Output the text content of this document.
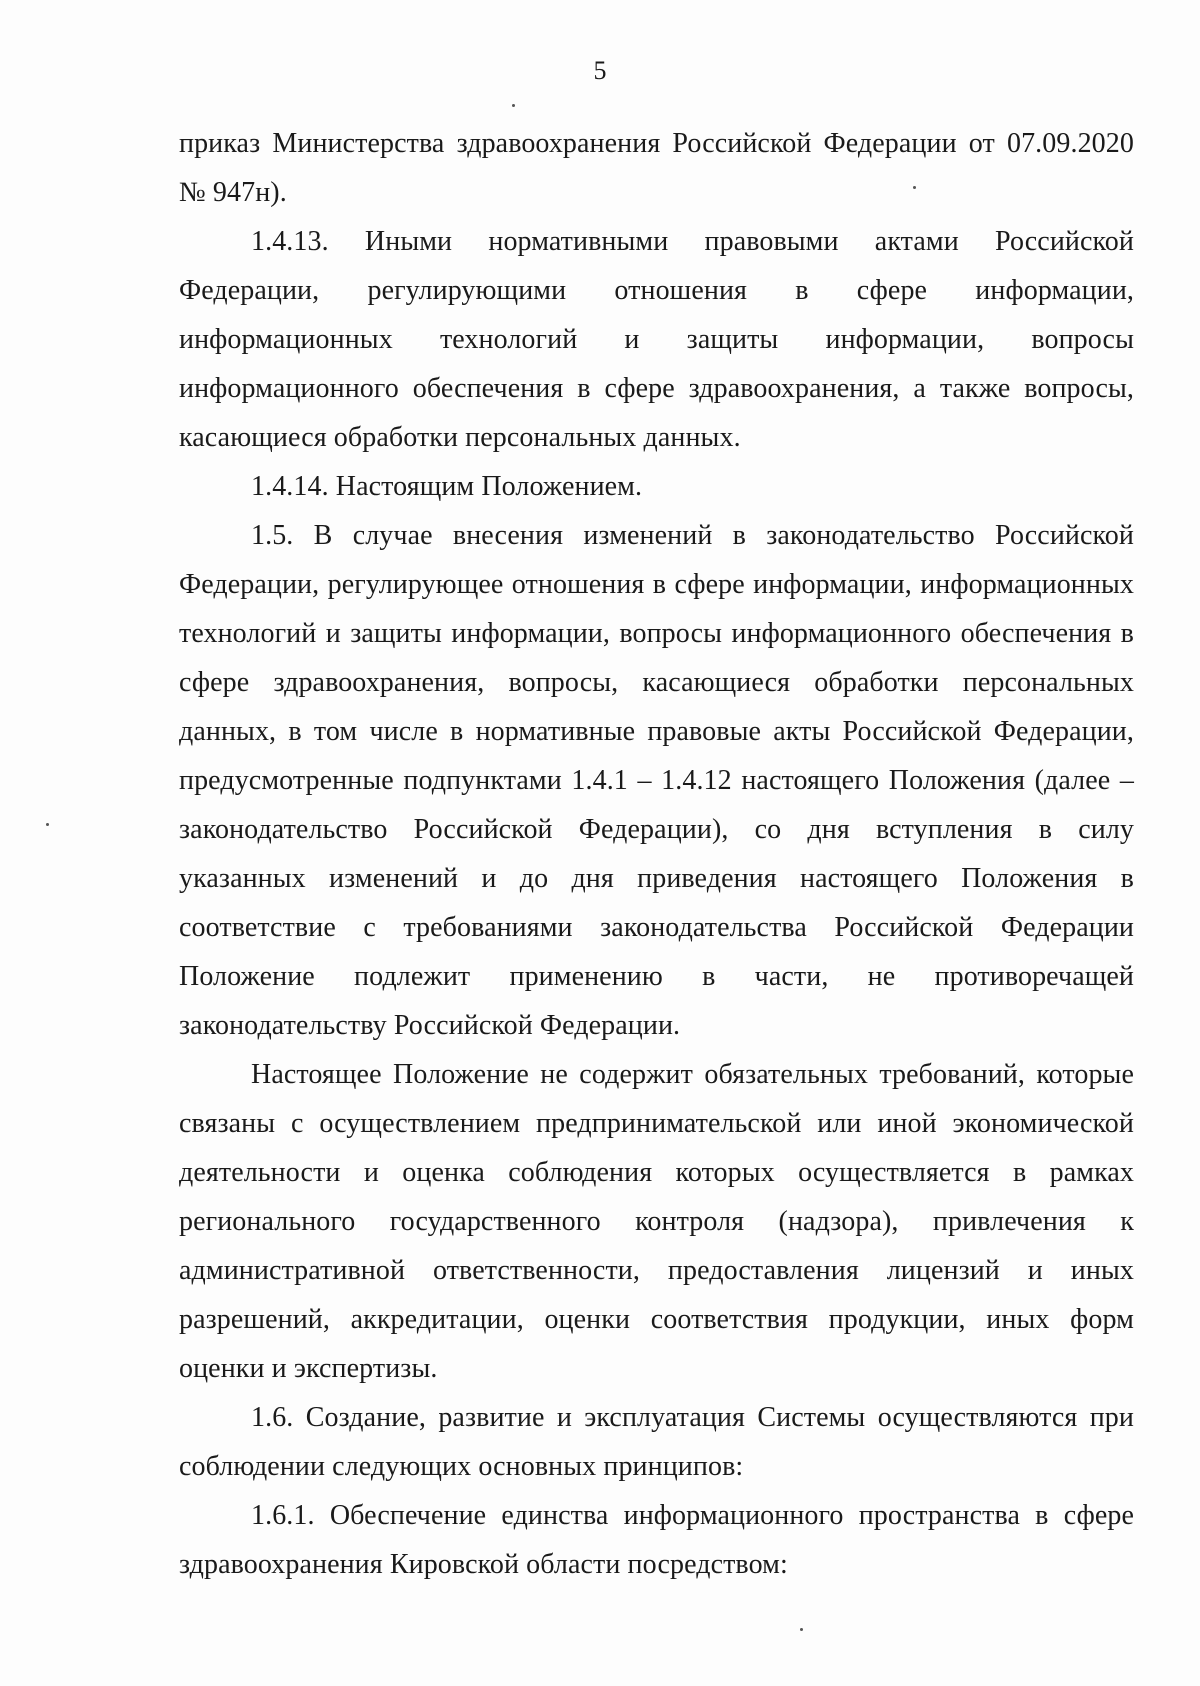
5

приказ Министерства здравоохранения Российской Федерации от 07.09.2020 № 947н).

1.4.13. Иными нормативными правовыми актами Российской Федерации, регулирующими отношения в сфере информации, информационных технологий и защиты информации, вопросы информационного обеспечения в сфере здравоохранения, а также вопросы, касающиеся обработки персональных данных.

1.4.14. Настоящим Положением.

1.5. В случае внесения изменений в законодательство Российской Федерации, регулирующее отношения в сфере информации, информационных технологий и защиты информации, вопросы информационного обеспечения в сфере здравоохранения, вопросы, касающиеся обработки персональных данных, в том числе в нормативные правовые акты Российской Федерации, предусмотренные подпунктами 1.4.1 – 1.4.12 настоящего Положения (далее – законодательство Российской Федерации), со дня вступления в силу указанных изменений и до дня приведения настоящего Положения в соответствие с требованиями законодательства Российской Федерации Положение подлежит применению в части, не противоречащей законодательству Российской Федерации.

Настоящее Положение не содержит обязательных требований, которые связаны с осуществлением предпринимательской или иной экономической деятельности и оценка соблюдения которых осуществляется в рамках регионального государственного контроля (надзора), привлечения к административной ответственности, предоставления лицензий и иных разрешений, аккредитации, оценки соответствия продукции, иных форм оценки и экспертизы.

1.6. Создание, развитие и эксплуатация Системы осуществляются при соблюдении следующих основных принципов:

1.6.1. Обеспечение единства информационного пространства в сфере здравоохранения Кировской области посредством:
